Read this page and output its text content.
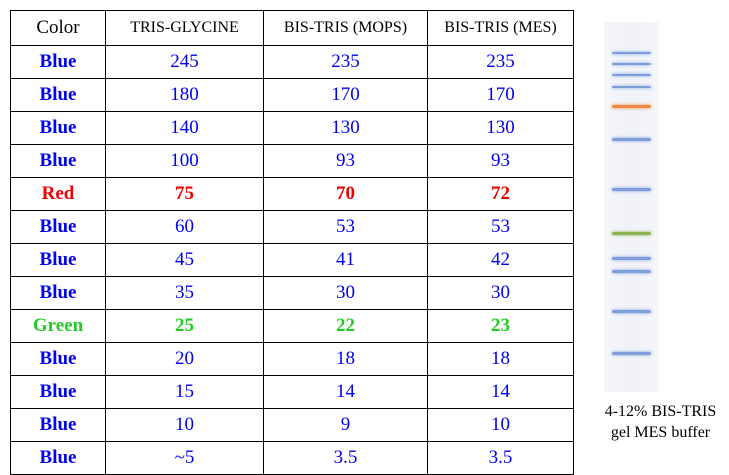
Color	TRIS-GLYCINE	BIS-TRIS (MOPS)	BIS-TRIS (MES)
Blue	245	235	235
Blue	180	170	170
Blue	140	130	130
Blue	100	93	93
Red	75	70	72
Blue	60	53	53
Blue	45	41	42
Blue	35	30	30
Green	25	22	23
Blue	20	18	18
Blue	15	14	14
Blue	10	9	10
Blue	~5	3.5	3.5
4-12% BIS-TRIS
gel MES buffer
